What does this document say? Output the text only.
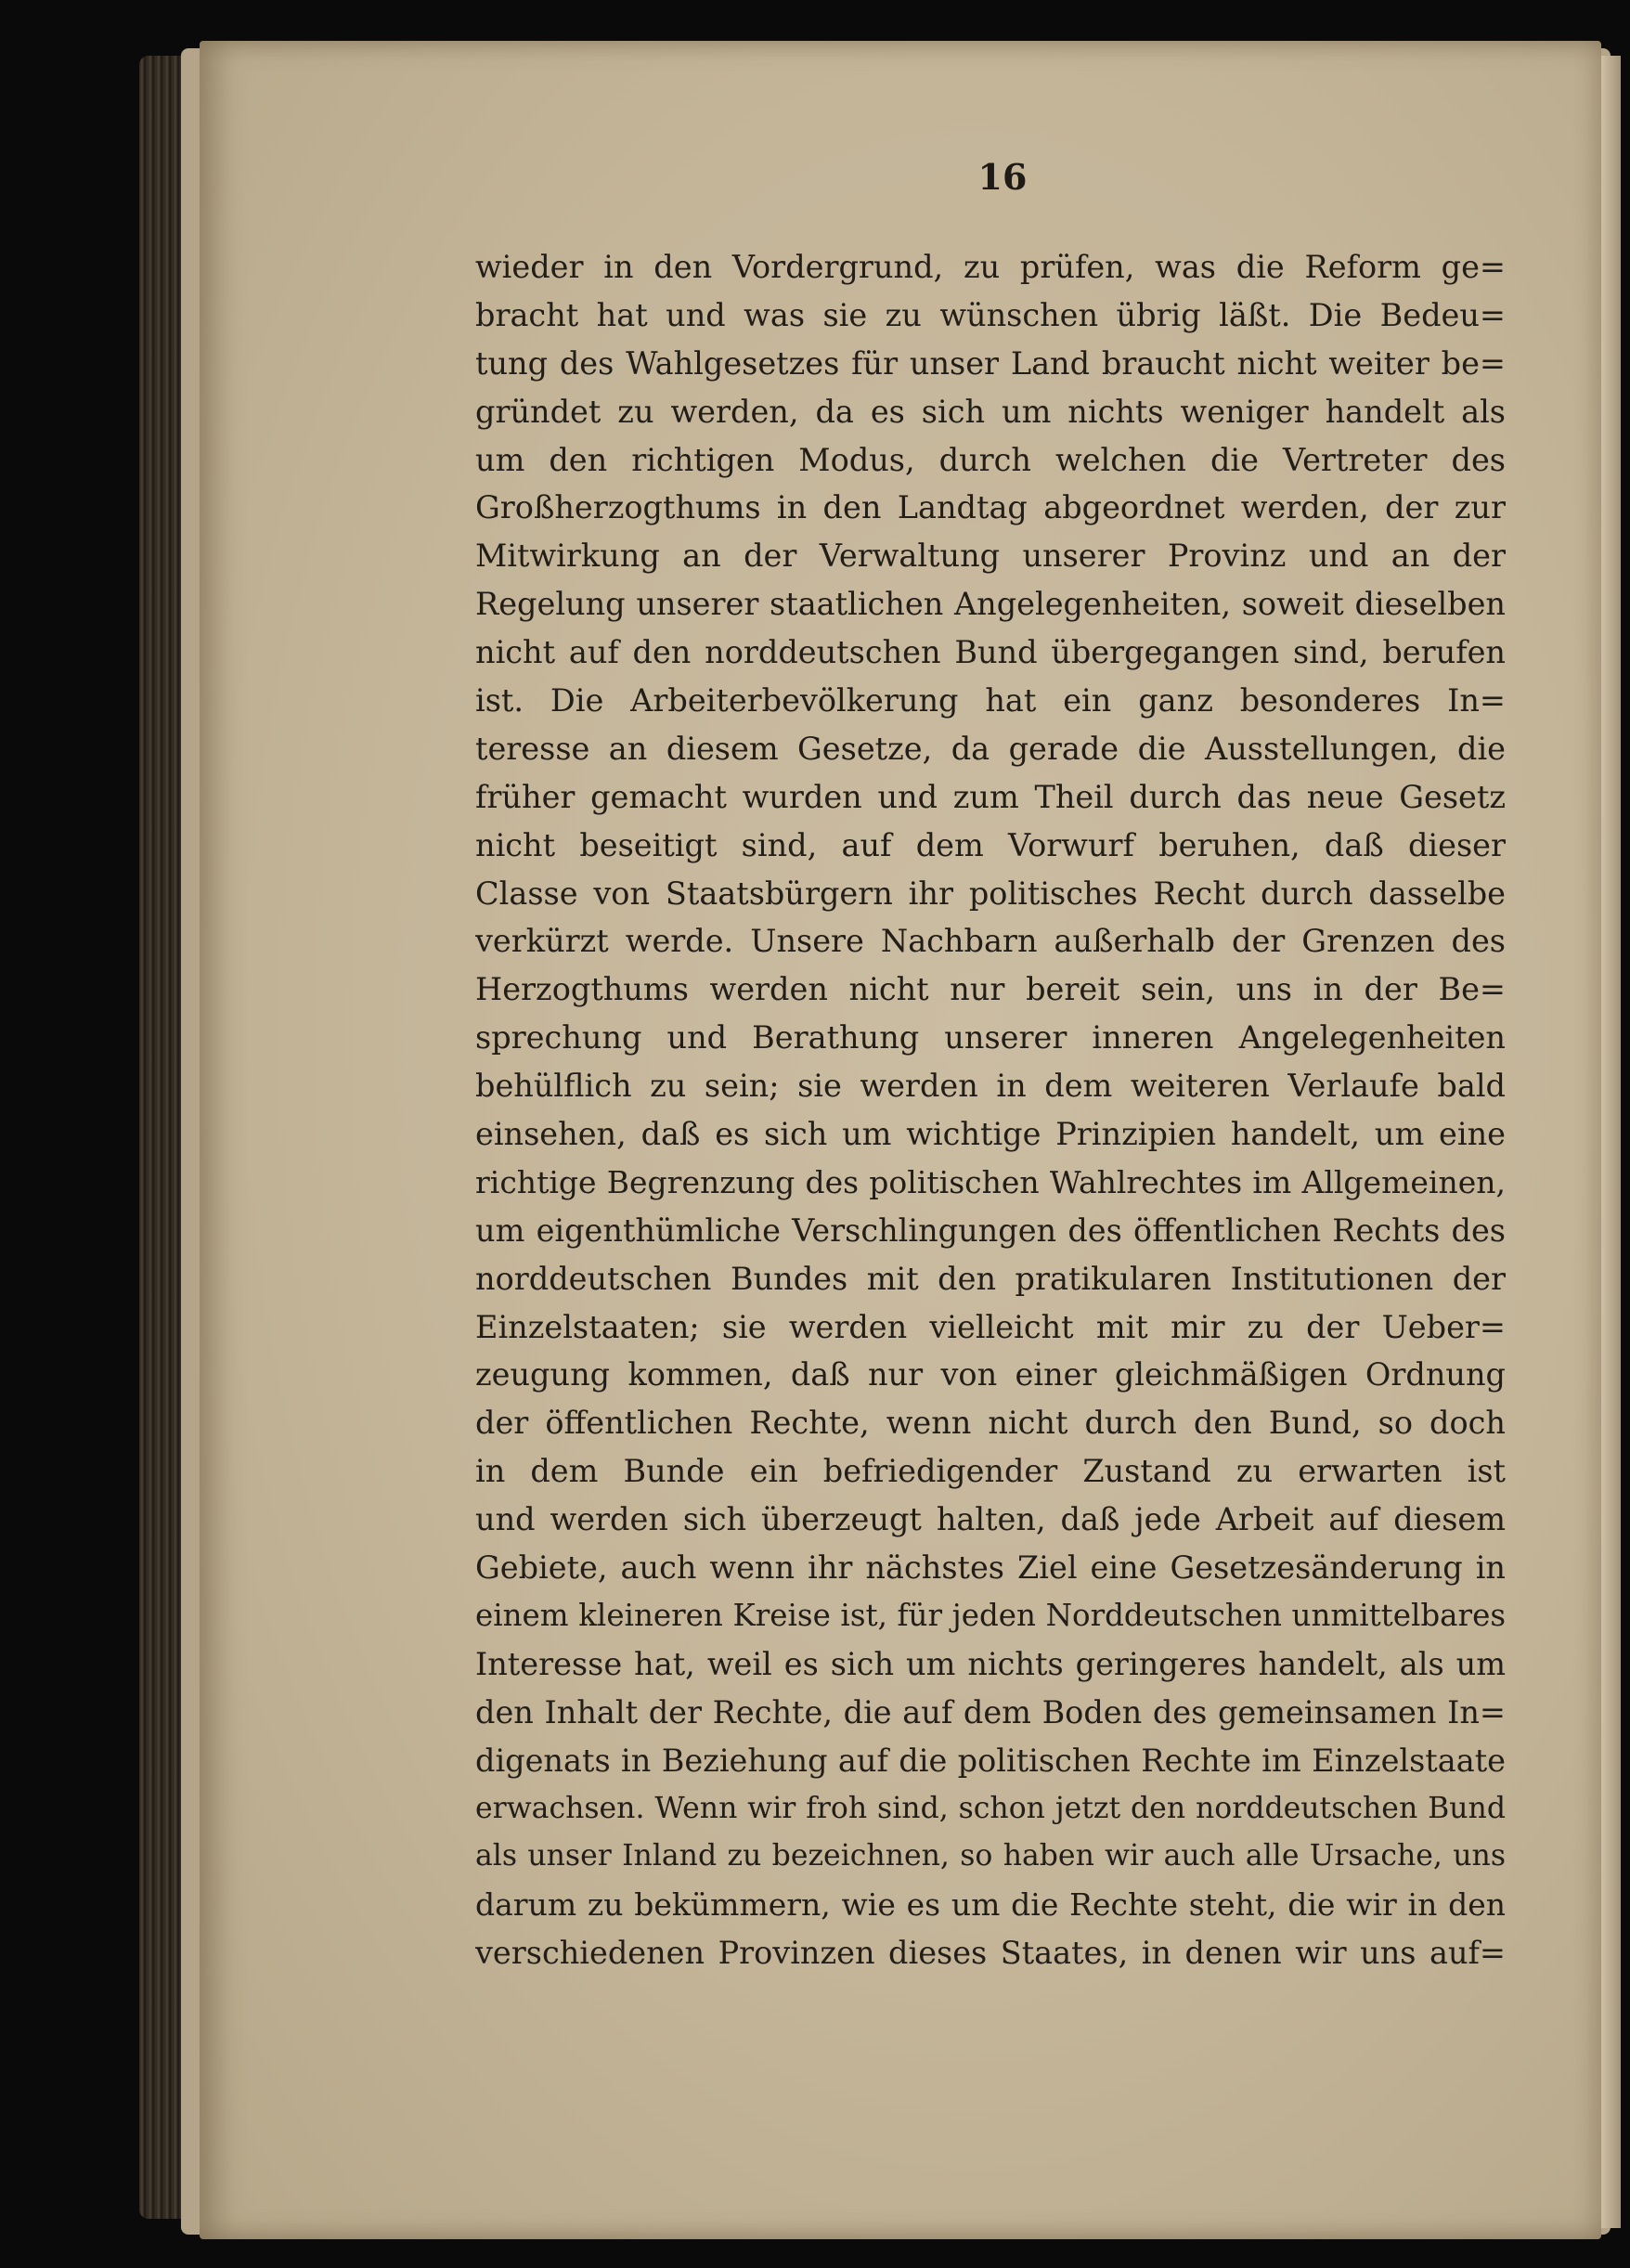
16
wieder in den Vordergrund, zu prüfen, was die Reform ge=
bracht hat und was sie zu wünschen übrig läßt. Die Bedeu=
tung des Wahlgesetzes für unser Land braucht nicht weiter be=
gründet zu werden, da es sich um nichts weniger handelt als
um den richtigen Modus, durch welchen die Vertreter des
Großherzogthums in den Landtag abgeordnet werden, der zur
Mitwirkung an der Verwaltung unserer Provinz und an der
Regelung unserer staatlichen Angelegenheiten, soweit dieselben
nicht auf den norddeutschen Bund übergegangen sind, berufen
ist. Die Arbeiterbevölkerung hat ein ganz besonderes In=
teresse an diesem Gesetze, da gerade die Ausstellungen, die
früher gemacht wurden und zum Theil durch das neue Gesetz
nicht beseitigt sind, auf dem Vorwurf beruhen, daß dieser
Classe von Staatsbürgern ihr politisches Recht durch dasselbe
verkürzt werde. Unsere Nachbarn außerhalb der Grenzen des
Herzogthums werden nicht nur bereit sein, uns in der Be=
sprechung und Berathung unserer inneren Angelegenheiten
behülflich zu sein; sie werden in dem weiteren Verlaufe bald
einsehen, daß es sich um wichtige Prinzipien handelt, um eine
richtige Begrenzung des politischen Wahlrechtes im Allgemeinen,
um eigenthümliche Verschlingungen des öffentlichen Rechts des
norddeutschen Bundes mit den pratikularen Institutionen der
Einzelstaaten; sie werden vielleicht mit mir zu der Ueber=
zeugung kommen, daß nur von einer gleichmäßigen Ordnung
der öffentlichen Rechte, wenn nicht durch den Bund, so doch
in dem Bunde ein befriedigender Zustand zu erwarten ist
und werden sich überzeugt halten, daß jede Arbeit auf diesem
Gebiete, auch wenn ihr nächstes Ziel eine Gesetzesänderung in
einem kleineren Kreise ist, für jeden Norddeutschen unmittelbares
Interesse hat, weil es sich um nichts geringeres handelt, als um
den Inhalt der Rechte, die auf dem Boden des gemeinsamen In=
digenats in Beziehung auf die politischen Rechte im Einzelstaate
erwachsen. Wenn wir froh sind, schon jetzt den norddeutschen Bund
als unser Inland zu bezeichnen, so haben wir auch alle Ursache, uns
darum zu bekümmern, wie es um die Rechte steht, die wir in den
verschiedenen Provinzen dieses Staates, in denen wir uns auf=
